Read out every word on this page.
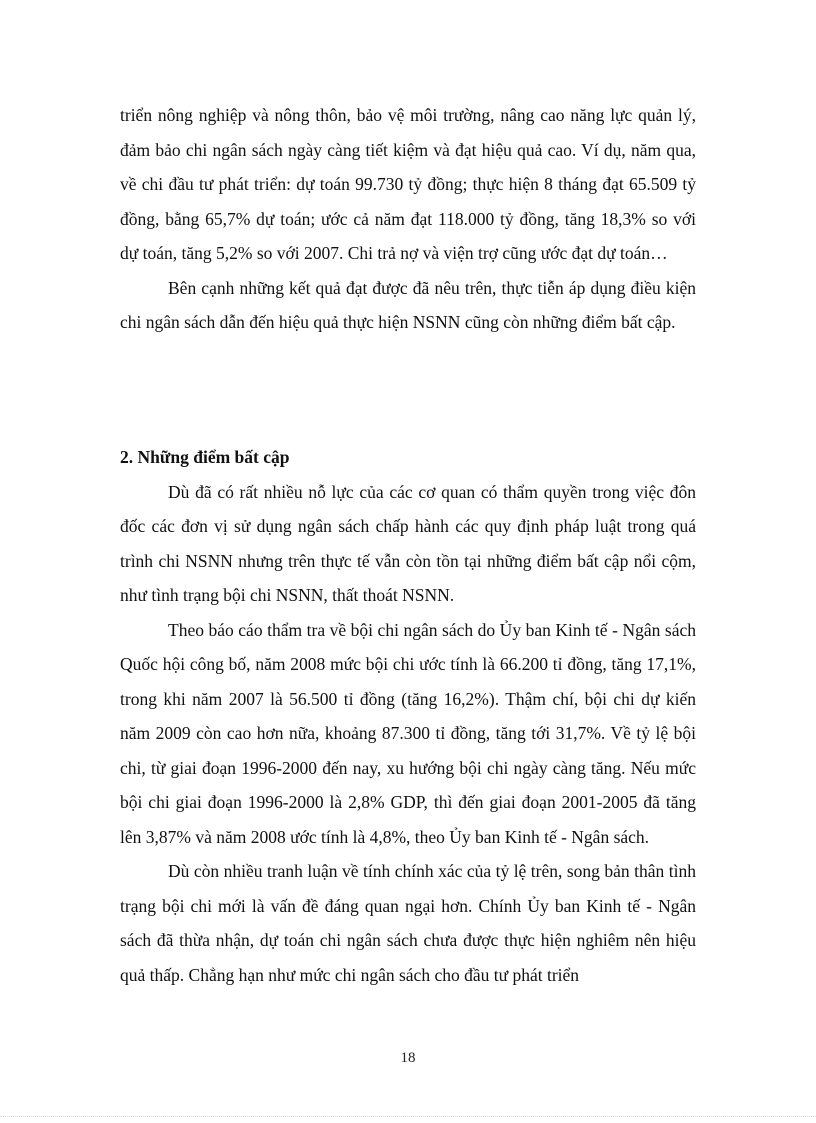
triển nông nghiệp và nông thôn, bảo vệ môi trường, nâng cao năng lực quản lý, đảm bảo chi ngân sách ngày càng tiết kiệm và đạt hiệu quả cao. Ví dụ, năm qua, về chi đầu tư phát triển: dự toán 99.730 tỷ đồng; thực hiện 8 tháng đạt 65.509 tỷ đồng, bằng 65,7% dự toán; ước cả năm đạt 118.000 tỷ đồng, tăng 18,3% so với dự toán, tăng 5,2% so với 2007. Chi trả nợ và viện trợ cũng ước đạt dự toán…

Bên cạnh những kết quả đạt được đã nêu trên, thực tiễn áp dụng điều kiện chi ngân sách dẫn đến hiệu quả thực hiện NSNN cũng còn những điểm bất cập.

2. Những điểm bất cập

Dù đã có rất nhiều nỗ lực của các cơ quan có thẩm quyền trong việc đôn đốc các đơn vị sử dụng ngân sách chấp hành các quy định pháp luật trong quá trình chi NSNN nhưng trên thực tế vẫn còn tồn tại những điểm bất cập nổi cộm, như tình trạng bội chi NSNN, thất thoát NSNN.

Theo báo cáo thẩm tra về bội chi ngân sách do Ủy ban Kinh tế - Ngân sách Quốc hội công bố, năm 2008 mức bội chi ước tính là 66.200 tỉ đồng, tăng 17,1%, trong khi năm 2007 là 56.500 tỉ đồng (tăng 16,2%). Thậm chí, bội chi dự kiến năm 2009 còn cao hơn nữa, khoảng 87.300 tỉ đồng, tăng tới 31,7%. Về tỷ lệ bội chi, từ giai đoạn 1996-2000 đến nay, xu hướng bội chi ngày càng tăng. Nếu mức bội chi giai đoạn 1996-2000 là 2,8% GDP, thì đến giai đoạn 2001-2005 đã tăng lên 3,87% và năm 2008 ước tính là 4,8%, theo Ủy ban Kinh tế - Ngân sách.

Dù còn nhiều tranh luận về tính chính xác của tỷ lệ trên, song bản thân tình trạng bội chi mới là vấn đề đáng quan ngại hơn. Chính Ủy ban Kinh tế - Ngân sách đã thừa nhận, dự toán chi ngân sách chưa được thực hiện nghiêm nên hiệu quả thấp. Chẳng hạn như mức chi ngân sách cho đầu tư phát triển

18
